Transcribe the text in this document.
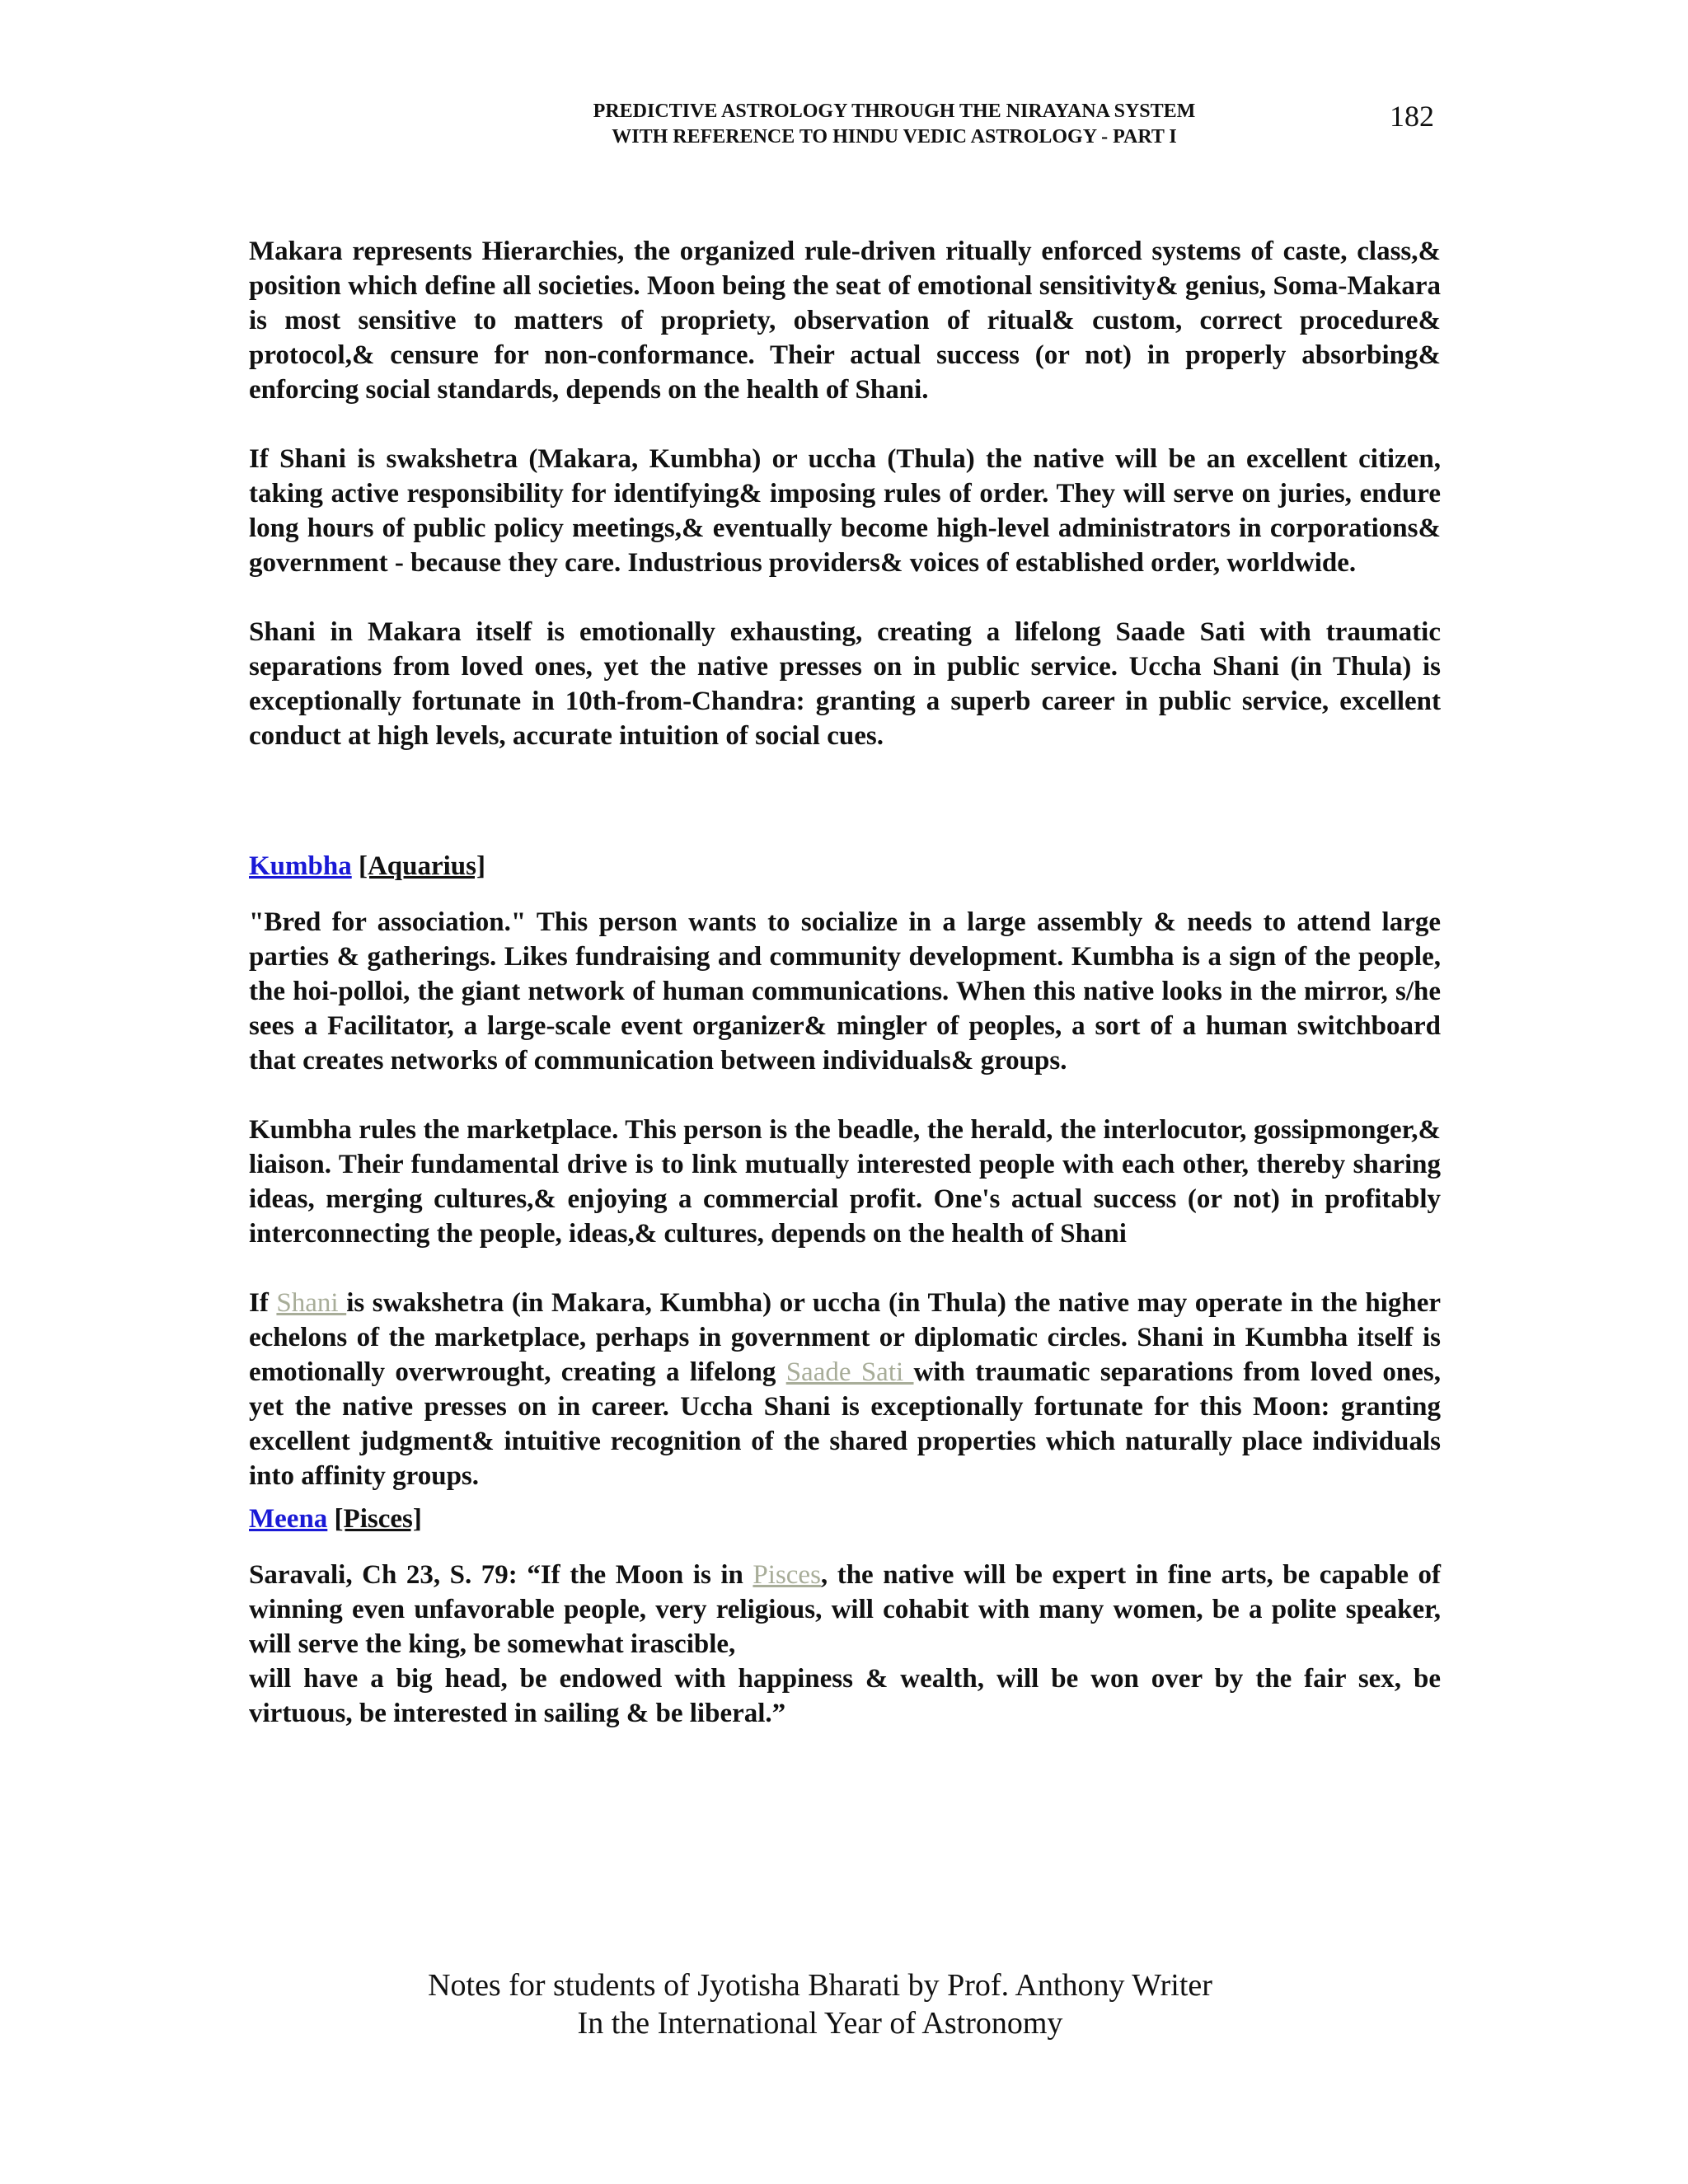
PREDICTIVE ASTROLOGY THROUGH THE NIRAYANA SYSTEM
WITH REFERENCE TO HINDU VEDIC ASTROLOGY - PART I
182

Makara represents Hierarchies, the organized rule-driven ritually enforced systems of caste, class,& position which define all societies. Moon being the seat of emotional sensitivity& genius, Soma-Makara is most sensitive to matters of propriety, observation of ritual& custom, correct procedure& protocol,& censure for non-conformance. Their actual success (or not) in properly absorbing& enforcing social standards, depends on the health of Shani.

If Shani is swakshetra (Makara, Kumbha) or uccha (Thula) the native will be an excellent citizen, taking active responsibility for identifying& imposing rules of order. They will serve on juries, endure long hours of public policy meetings,& eventually become high-level administrators in corporations& government - because they care. Industrious providers& voices of established order, worldwide.

Shani in Makara itself is emotionally exhausting, creating a lifelong Saade Sati with traumatic separations from loved ones, yet the native presses on in public service. Uccha Shani (in Thula) is exceptionally fortunate in 10th-from-Chandra: granting a superb career in public service, excellent conduct at high levels, accurate intuition of social cues.

Kumbha [Aquarius]

"Bred for association." This person wants to socialize in a large assembly & needs to attend large parties & gatherings. Likes fundraising and community development. Kumbha is a sign of the people, the hoi-polloi, the giant network of human communications. When this native looks in the mirror, s/he sees a Facilitator, a large-scale event organizer& mingler of peoples, a sort of a human switchboard that creates networks of communication between individuals& groups.

Kumbha rules the marketplace. This person is the beadle, the herald, the interlocutor, gossipmonger,& liaison. Their fundamental drive is to link mutually interested people with each other, thereby sharing ideas, merging cultures,& enjoying a commercial profit. One's actual success (or not) in profitably interconnecting the people, ideas,& cultures, depends on the health of Shani

If Shani is swakshetra (in Makara, Kumbha) or uccha (in Thula) the native may operate in the higher echelons of the marketplace, perhaps in government or diplomatic circles. Shani in Kumbha itself is emotionally overwrought, creating a lifelong Saade Sati with traumatic separations from loved ones, yet the native presses on in career. Uccha Shani is exceptionally fortunate for this Moon: granting excellent judgment& intuitive recognition of the shared properties which naturally place individuals into affinity groups.

Meena [Pisces]

Saravali, Ch 23, S. 79: “If the Moon is in Pisces, the native will be expert in fine arts, be capable of winning even unfavorable people, very religious, will cohabit with many women, be a polite speaker, will serve the king, be somewhat irascible,

will have a big head, be endowed with happiness & wealth, will be won over by the fair sex, be virtuous, be interested in sailing & be liberal.”

Notes for students of Jyotisha Bharati by Prof. Anthony Writer
In the International Year of Astronomy
